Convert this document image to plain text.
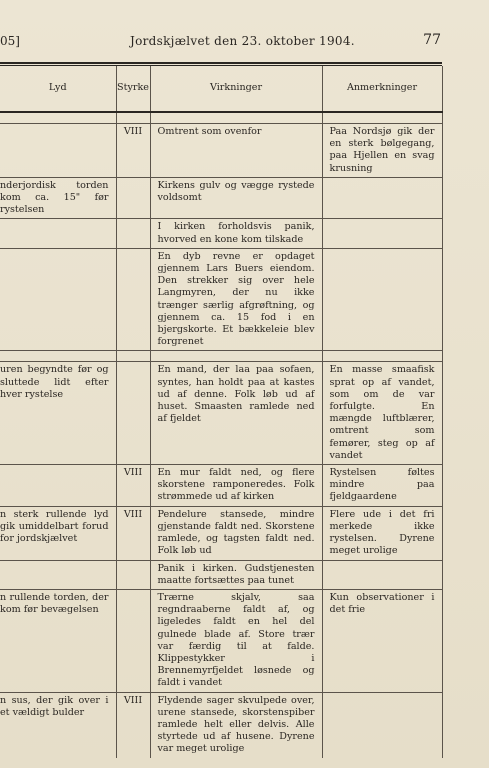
05]	Jordskjælvet den 23. oktober 1904.	77
Lyd	Styrke	Virkninger	Anmerkninger

	VIII	Omtrent som ovenfor	Paa Nordsjø gik der en sterk bølgegang, paa Hjellen en svag krusning

nderjordisk torden kom ca. 15" før rystelsen		Kirkens gulv og vægge rystede voldsomt	

		I kirken forholdsvis panik, hvorved en kone kom tilskade	

		En dyb revne er opdaget gjennem Lars Buers eiendom. Den strekker sig over hele Langmyren, der nu ikke trænger særlig afgrøftning, og gjennem ca. 15 fod i en bjergskorte. Et bækkeleie blev forgrenet	

uren begyndte før og sluttede lidt efter hver rystelse		En mand, der laa paa sofaen, syntes, han holdt paa at kastes ud af denne. Folk løb ud af huset. Smaasten ramlede ned af fjeldet	En masse smaafisk sprat op af vandet, som om de var forfulgte. En mængde luftblærer, omtrent som femører, steg op af vandet

	VIII	En mur faldt ned, og flere skorstene ramponeredes. Folk strømmede ud af kirken	Rystelsen føltes mindre paa fjeldgaardene

n sterk rullende lyd gik umiddelbart forud for jordskjælvet	VIII	Pendelure stansede, mindre gjenstande faldt ned. Skorstene ramlede, og tagsten faldt ned. Folk løb ud	Flere ude i det fri merkede ikke rystelsen. Dyrene meget urolige

		Panik i kirken. Gudstjenesten maatte fortsættes paa tunet	

n rullende torden, der kom før bevægelsen		Trærne skjalv, saa regndraaberne faldt af, og ligeledes faldt en hel del gulnede blade af. Store trær var færdig til at falde. Klippestykker i Brennemyrfjeldet løsnede og faldt i vandet	Kun observationer i det frie

n sus, der gik over i et vældigt bulder	VIII	Flydende sager skvulpede over, urene stansede, skorstenspiber ramlede helt eller delvis. Alle styrtede ud af husene. Dyrene var meget urolige	
